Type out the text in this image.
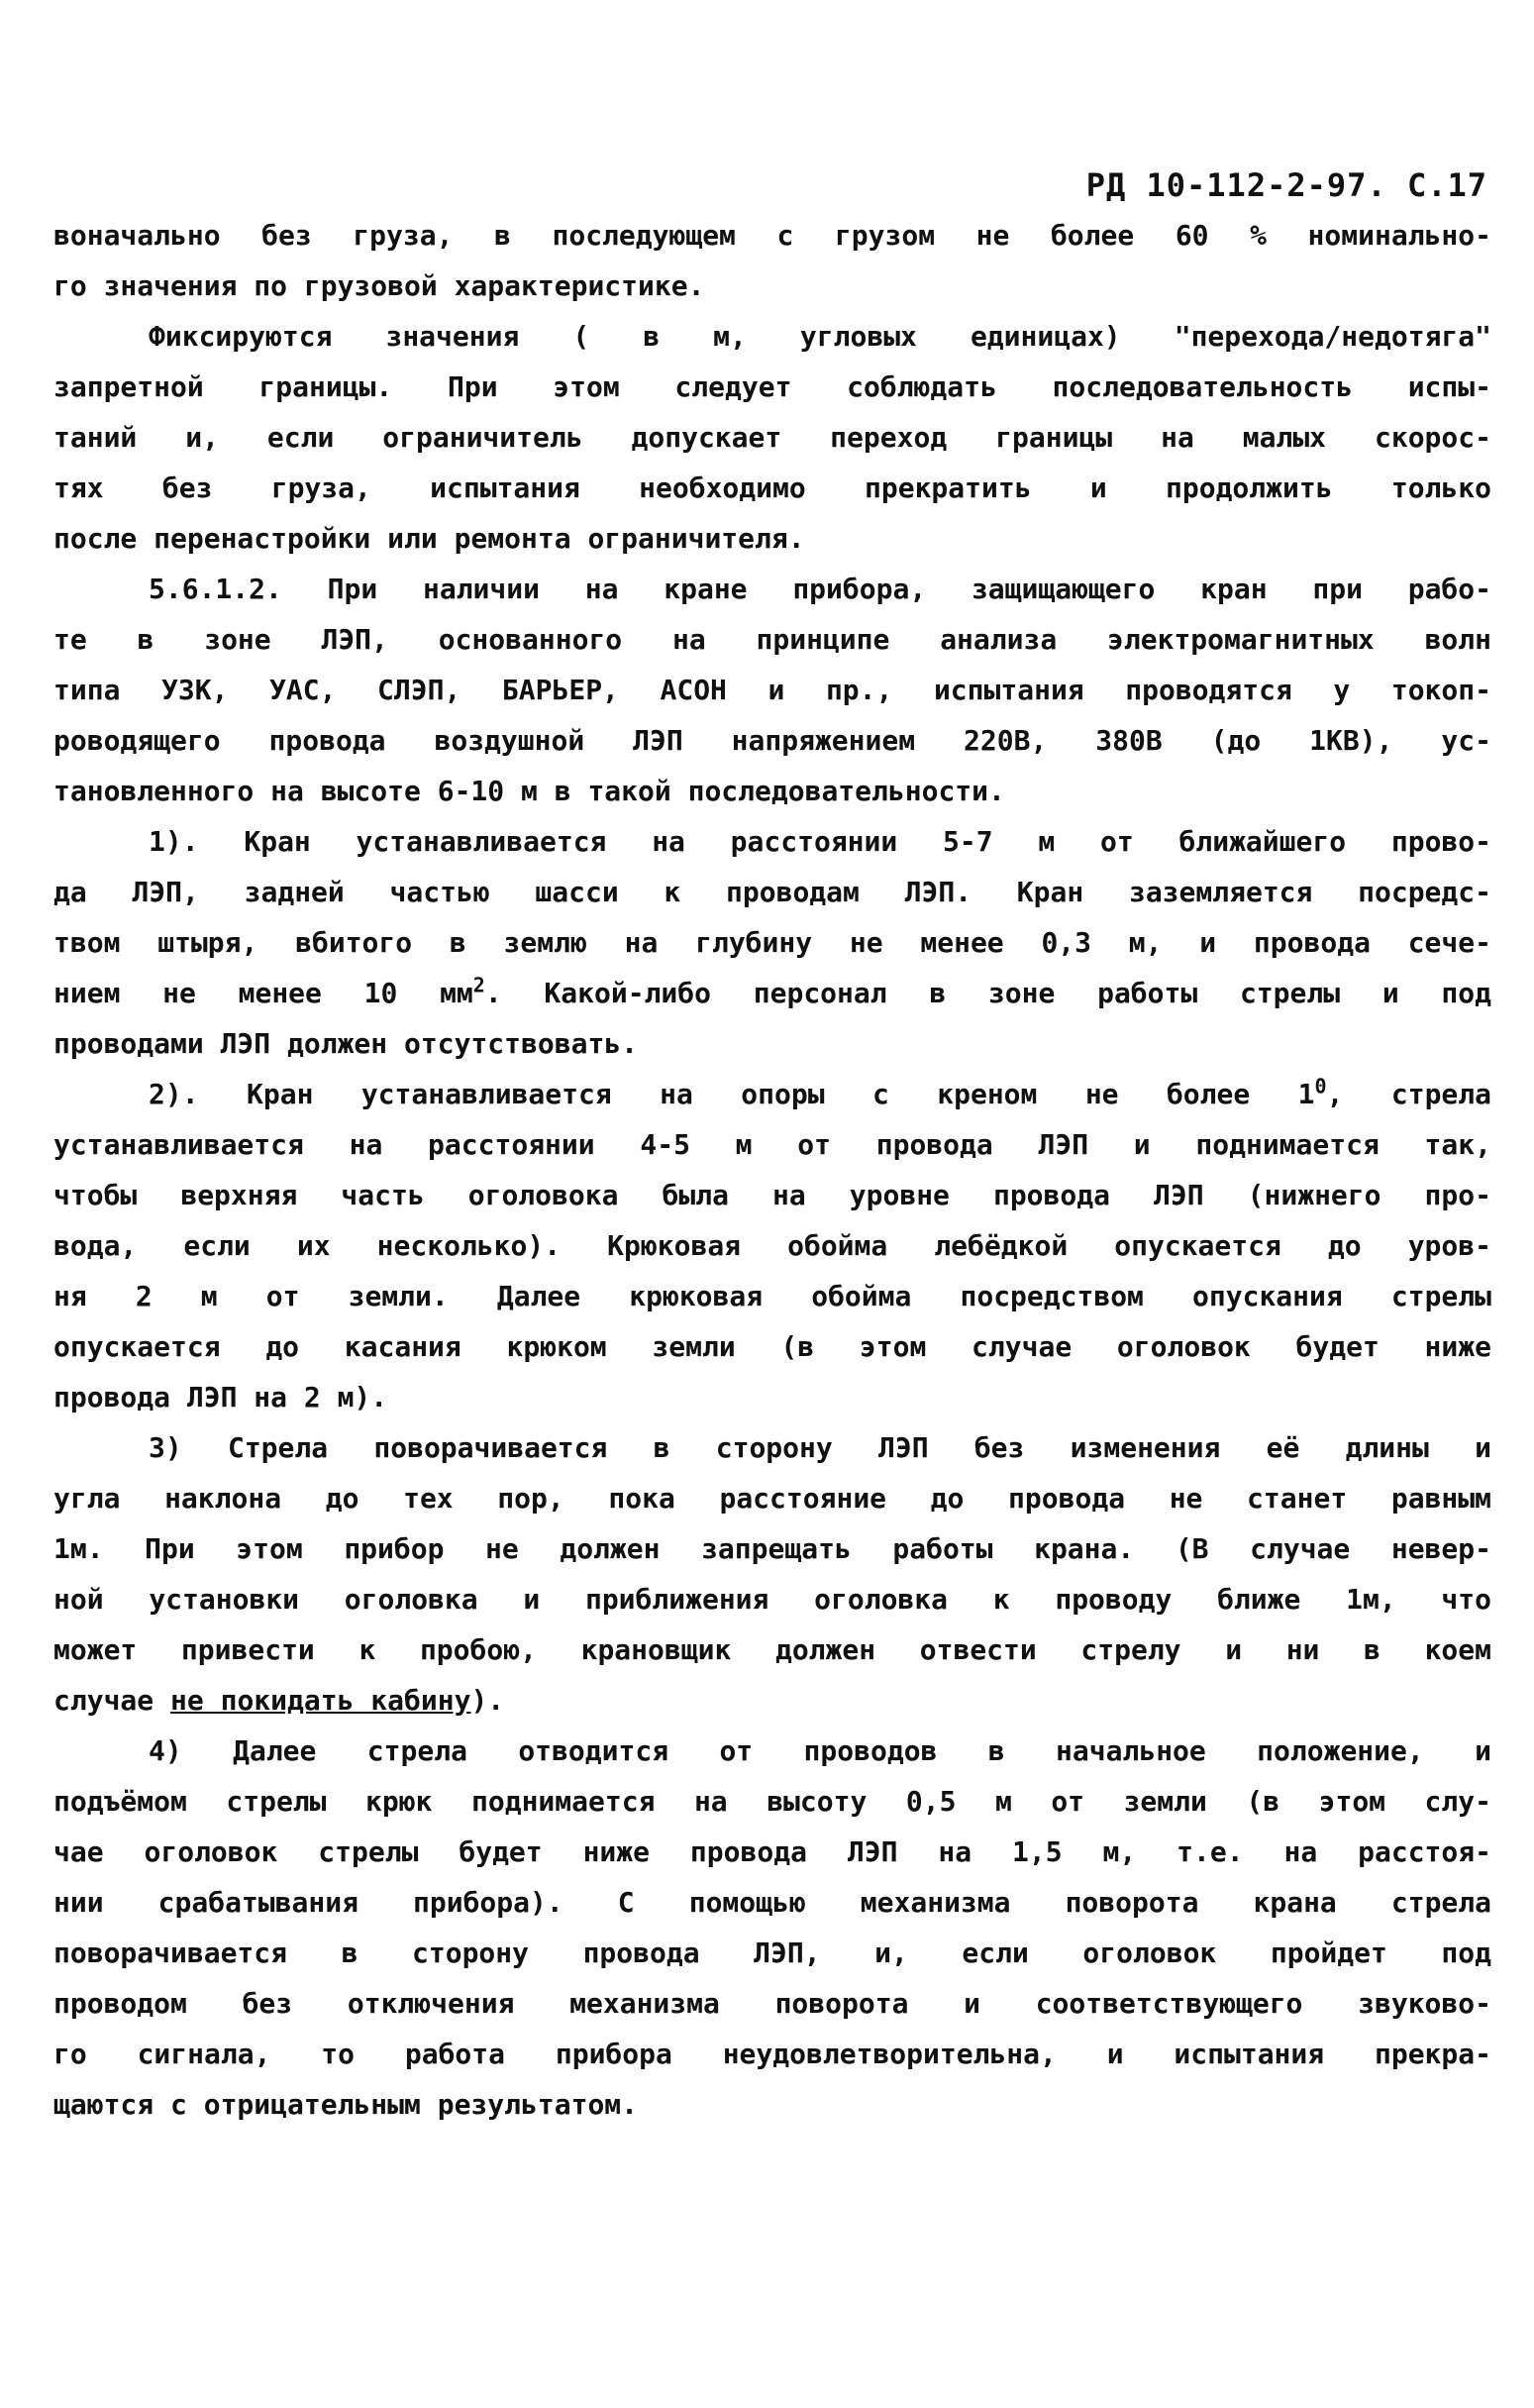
РД 10-112-2-97. С.17
воначально без груза, в последующем с грузом не более 60 % номинально-
го значения по грузовой характеристике.
Фиксируются значения ( в м, угловых единицах) "перехода/недотяга"
запретной границы. При этом следует соблюдать последовательность испы-
таний и, если ограничитель допускает переход границы на малых скорос-
тях без груза, испытания необходимо прекратить и продолжить только
после перенастройки или ремонта ограничителя.
5.6.1.2. При наличии на кране прибора, защищающего кран при рабо-
те в зоне ЛЭП, основанного на принципе анализа электромагнитных волн
типа УЗК, УАС, СЛЭП, БАРЬЕР, АСОН и пр., испытания проводятся у токоп-
роводящего провода воздушной ЛЭП напряжением 220В, 380В (до 1КВ), ус-
тановленного на высоте 6-10 м в такой последовательности.
1). Кран устанавливается на расстоянии 5-7 м от ближайшего прово-
да ЛЭП, задней частью шасси к проводам ЛЭП. Кран заземляется посредс-
твом штыря, вбитого в землю на глубину не менее 0,3 м, и провода сече-
нием не менее 10 $мм^2$. Какой-либо персонал в зоне работы стрелы и под
проводами ЛЭП должен отсутствовать.
2). Кран устанавливается на опоры с креном не более $1^0$, стрела
устанавливается на расстоянии 4-5 м от провода ЛЭП и поднимается так,
чтобы верхняя часть оголовока была на уровне провода ЛЭП (нижнего про-
вода, если их несколько). Крюковая обойма лебёдкой опускается до уров-
ня 2 м от земли. Далее крюковая обойма посредством опускания стрелы
опускается до касания крюком земли (в этом случае оголовок будет ниже
провода ЛЭП на 2 м).
3) Стрела поворачивается в сторону ЛЭП без изменения её длины и
угла наклона до тех пор, пока расстояние до провода не станет равным
1м. При этом прибор не должен запрещать работы крана. (В случае невер-
ной установки оголовка и приближения оголовка к проводу ближе 1м, что
может привести к пробою, крановщик должен отвести стрелу и ни в коем
случае не покидать кабину).
4) Далее стрела отводится от проводов в начальное положение, и
подъёмом стрелы крюк поднимается на высоту 0,5 м от земли (в этом слу-
чае оголовок стрелы будет ниже провода ЛЭП на 1,5 м, т.е. на расстоя-
нии срабатывания прибора). С помощью механизма поворота крана стрела
поворачивается в сторону провода ЛЭП, и, если оголовок пройдет под
проводом без отключения механизма поворота и соответствующего звуково-
го сигнала, то работа прибора неудовлетворительна, и испытания прекра-
щаются с отрицательным результатом.
